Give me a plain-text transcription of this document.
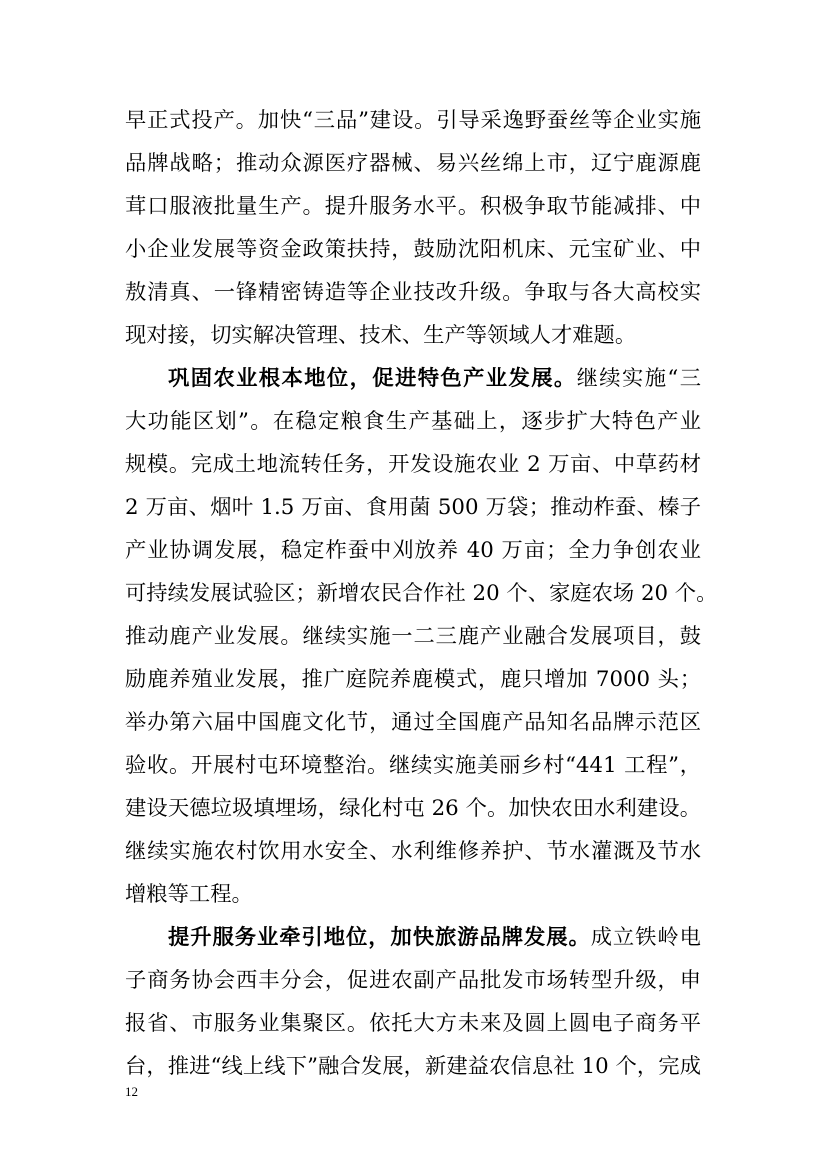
早正式投产。加快“三品”建设。引导采逸野蚕丝等企业实施
品牌战略；推动众源医疗器械、易兴丝绵上市，辽宁鹿源鹿
茸口服液批量生产。提升服务水平。积极争取节能减排、中
小企业发展等资金政策扶持，鼓励沈阳机床、元宝矿业、中
敖清真、一锋精密铸造等企业技改升级。争取与各大高校实
现对接，切实解决管理、技术、生产等领域人才难题。
巩固农业根本地位，促进特色产业发展。继续实施“三
大功能区划”。在稳定粮食生产基础上，逐步扩大特色产业
规模。完成土地流转任务，开发设施农业 2 万亩、中草药材
2 万亩、烟叶 1.5 万亩、食用菌 500 万袋；推动柞蚕、榛子
产业协调发展，稳定柞蚕中刈放养 40 万亩；全力争创农业
可持续发展试验区；新增农民合作社 20 个、家庭农场 20 个。
推动鹿产业发展。继续实施一二三鹿产业融合发展项目，鼓
励鹿养殖业发展，推广庭院养鹿模式，鹿只增加 7000 头；
举办第六届中国鹿文化节，通过全国鹿产品知名品牌示范区
验收。开展村屯环境整治。继续实施美丽乡村“441 工程”，
建设天德垃圾填埋场，绿化村屯 26 个。加快农田水利建设。
继续实施农村饮用水安全、水利维修养护、节水灌溉及节水
增粮等工程。
提升服务业牵引地位，加快旅游品牌发展。成立铁岭电
子商务协会西丰分会，促进农副产品批发市场转型升级，申
报省、市服务业集聚区。依托大方未来及圆上圆电子商务平
台，推进“线上线下”融合发展，新建益农信息社 10 个，完成
12
